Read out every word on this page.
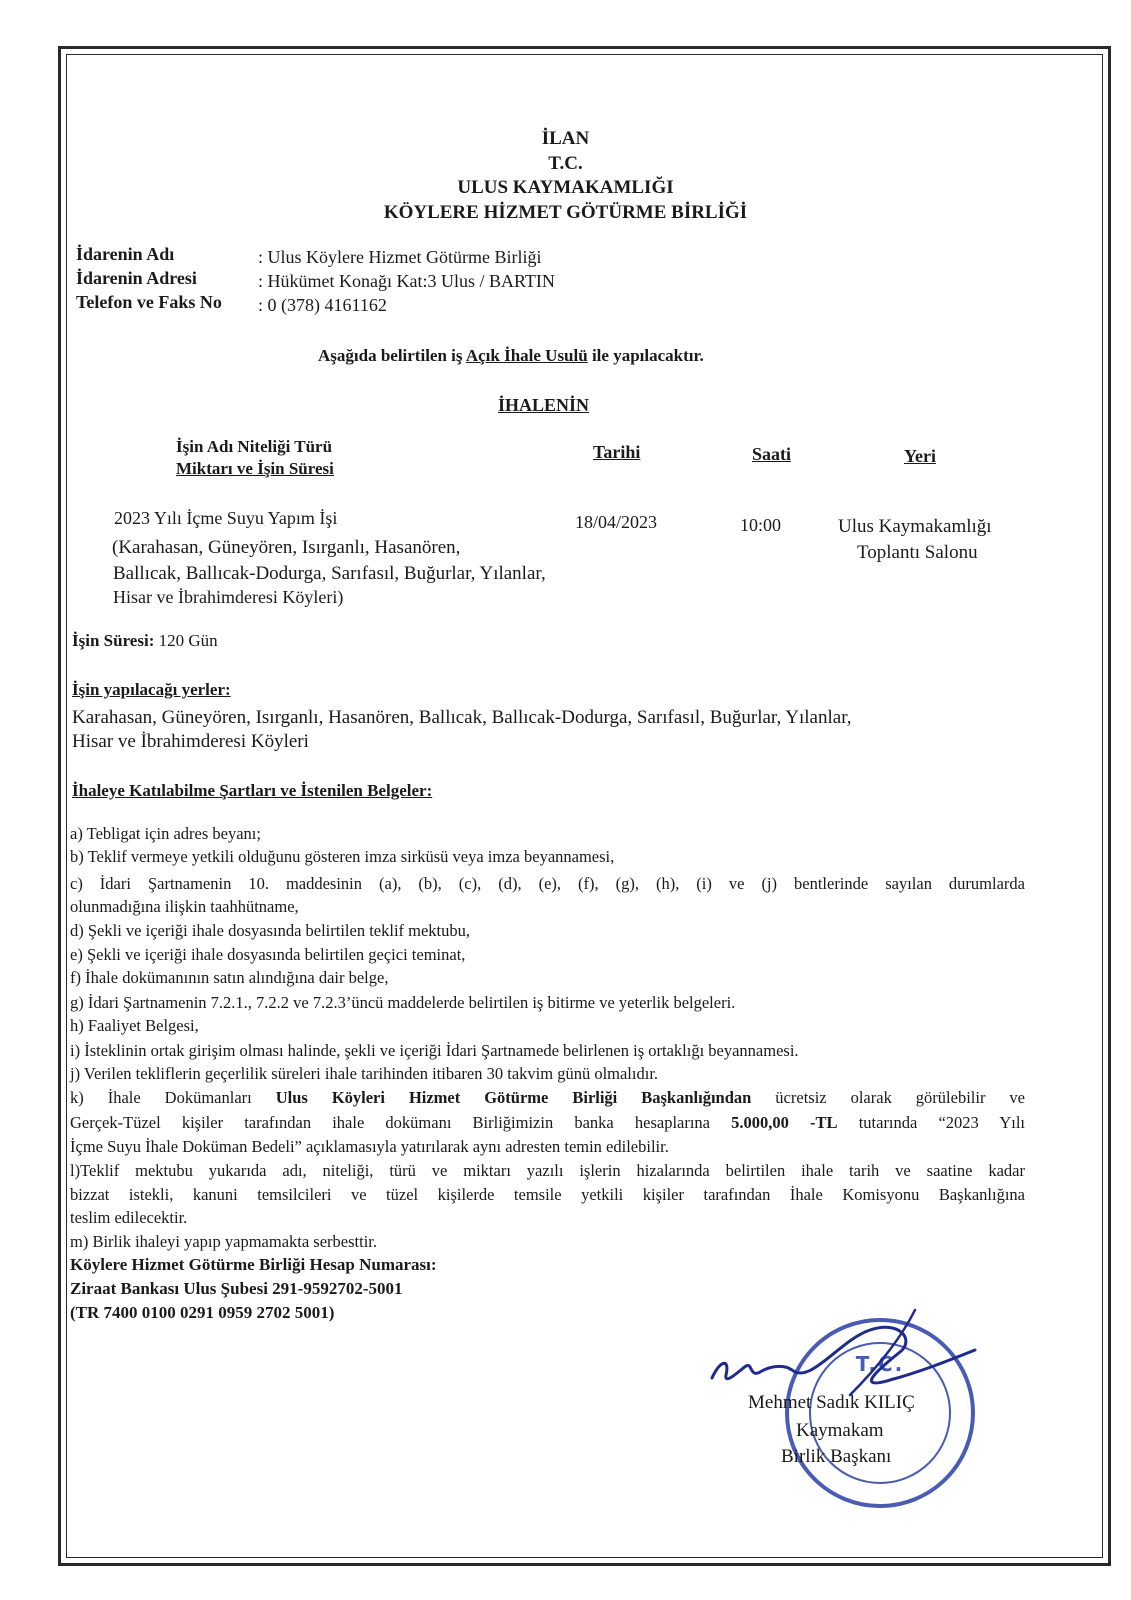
İLAN
T.C.
ULUS KAYMAKAMLIĞI
KÖYLERE HİZMET GÖTÜRME BİRLİĞİ
İdarenin Adı	: Ulus Köylere Hizmet Götürme Birliği
İdarenin Adresi	: Hükümet Konağı Kat:3 Ulus / BARTIN
Telefon ve Faks No : 0 (378) 4161162
Aşağıda belirtilen iş Açık İhale Usulü ile yapılacaktır.
İHALENİN
İşin Adı Niteliği Türü
Miktarı ve İşin Süresi
Tarihi	Saati	Yeri
2023 Yılı İçme Suyu Yapım İşi
(Karahasan, Güneyören, Isırganlı, Hasanören,
Ballıcak, Ballıcak-Dodurga, Sarıfasıl, Buğurlar, Yılanlar,
Hisar ve İbrahimderesi Köyleri)
18/04/2023	10:00	Ulus Kaymakamlığı
Toplantı Salonu
İşin Süresi: 120 Gün
İşin yapılacağı yerler:
Karahasan, Güneyören, Isırganlı, Hasanören, Ballıcak, Ballıcak-Dodurga, Sarıfasıl, Buğurlar, Yılanlar,
Hisar ve İbrahimderesi Köyleri
İhaleye Katılabilme Şartları ve İstenilen Belgeler:
a) Tebligat için adres beyanı;
b) Teklif vermeye yetkili olduğunu gösteren imza sirküsü veya imza beyannamesi,
c) İdari Şartnamenin 10. maddesinin (a), (b), (c), (d), (e), (f), (g), (h), (i) ve (j) bentlerinde sayılan durumlarda
olunmadığına ilişkin taahhütname,
d) Şekli ve içeriği ihale dosyasında belirtilen teklif mektubu,
e) Şekli ve içeriği ihale dosyasında belirtilen geçici teminat,
f) İhale dokümanının satın alındığına dair belge,
g) İdari Şartnamenin 7.2.1., 7.2.2 ve 7.2.3’üncü maddelerde belirtilen iş bitirme ve yeterlik belgeleri.
h) Faaliyet Belgesi,
i) İsteklinin ortak girişim olması halinde, şekli ve içeriği İdari Şartnamede belirlenen iş ortaklığı beyannamesi.
j) Verilen tekliflerin geçerlilik süreleri ihale tarihinden itibaren 30 takvim günü olmalıdır.
k) İhale Dokümanları Ulus Köyleri Hizmet Götürme Birliği Başkanlığından ücretsiz olarak görülebilir ve
Gerçek-Tüzel kişiler tarafından ihale dokümanı Birliğimizin banka hesaplarına 5.000,00 -TL tutarında “2023 Yılı
İçme Suyu İhale Doküman Bedeli” açıklamasıyla yatırılarak aynı adresten temin edilebilir.
l)Teklif mektubu yukarıda adı, niteliği, türü ve miktarı yazılı işlerin hizalarında belirtilen ihale tarih ve saatine kadar
bizzat istekli, kanuni temsilcileri ve tüzel kişilerde temsile yetkili kişiler tarafından İhale Komisyonu Başkanlığına
teslim edilecektir.
m) Birlik ihaleyi yapıp yapmamakta serbesttir.
Köylere Hizmet Götürme Birliği Hesap Numarası:
Ziraat Bankası Ulus Şubesi 291-9592702-5001
(TR 7400 0100 0291 0959 2702 5001)
T.C.
Mehmet Sadık KILIÇ
Kaymakam
Birlik Başkanı
